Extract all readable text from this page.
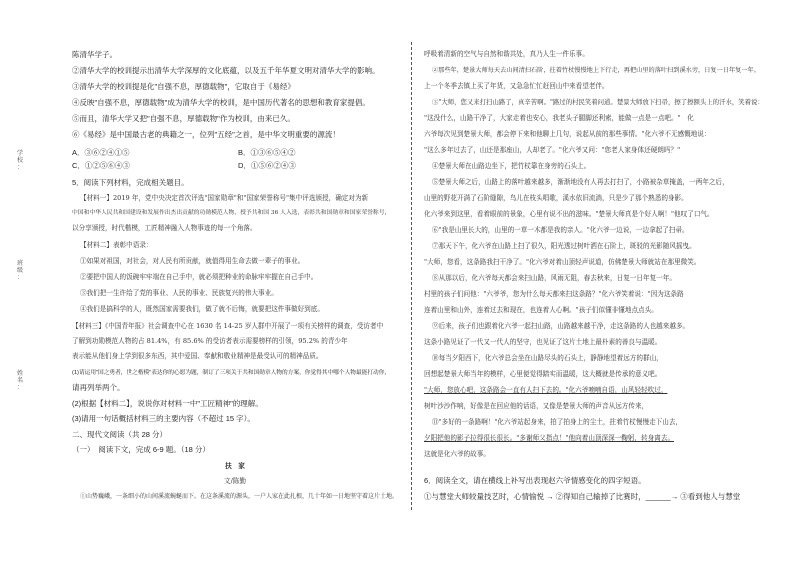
学
校
：
班
级
：
姓
名
：
陈清华学子。
②清华大学的校训提示出清华大学深厚的文化底蕴，以及五千年华夏文明对清华大学的影响。
③清华大学的校训提是化"自强不息，厚德载物"，它取自于《易经》
④反映"自强不息，厚德载物"成为清华大学的校训，是中国历代著名的思想和教育家提倡。
⑤而且，清华大学又把"自强不息，厚德载物"作为校训，由来已久。
⑥《易经》是中国最古老的典籍之一，位列"五经"之首，是中华文明重要的源流！
A．③⑥②④①⑤	B．①③⑥⑤④②
C．①②⑤⑥④③	D．①⑤⑥②④③
5．阅读下列材料，完成相关题目。
【材料一】2019 年，党中央决定首次评选"国家勋章"和"国家荣誉称号"集中评选颁授，确定对为新
中国和中华人民共和国建设和发展作出杰出贡献的功勋模范人物，授予共和国 36 人入选，表彰共和国勋章和国家荣誉称号，
以分享颁授，时代楷模，工匠精神融入人物事迹的每一个角落。
【材料二】表彰中语录：
①如果对祖国，对社会，对人民有所贡献，就值得用生命去做一辈子的事业。
②要把中国人的饭碗牢牢端在自己手中，就必须把种业的命脉牢牢握在自己手中。
③我们把一生许给了党的事业、人民的事业、民族复兴的伟大事业。
④我们是搞科学的人，既然国家需要我们，做了就不后悔，就要把这件事做好到底。
【材料三】《中国青年报》社会调查中心在 1630 名 14-25 岁人群中开展了一项有关榜样的调查，受访者中
了解到功勋模范人物的占 81.4%，有 85.6% 的受访者表示需要榜样的引领，95.2% 的青少年
表示能从他们身上学到很多东西，其中爱国、奉献和敬业精神是最受认可的精神品质。
(1)请运用"国之勇者，世之楷模"表达你的心愿为题，制订了三项关于共和国勋章人物的方案，你觉得其中哪个人物最能打动你，
请再列举两个。
(2)根据【材料二】，说说你对材料一中"工匠精神"的理解。
(3)请用一句话概括材料三的主要内容（不超过 15 字）。
二、现代文阅读（共 28 分）
（一）　阅读下文，完成 6-9 题。（18 分）
扶　家
文/陈勤
①山势巍峨，一条细小的山间溪流蜿蜒而下。在这条溪流的源头，一户人家在此扎根，几十年如一日地坚守着这片土地。
呼吸着清新的空气与自然和谐共处，真乃人生一件乐事。
②那些年，楚景大师每天去山间清扫石阶，拄着竹杖慢慢地上下行走，再把山里的落叶扫到溪水旁，日复一日年复一年。
上一个冬季去镇上买了年货，又急急忙忙赶回山中来看望老伴。
③"大师，您又来打扫山路了，真辛苦啊。"路过的村民笑着问道。楚景大师放下扫帚，擦了擦额头上的汗水，笑着说：
"这没什么，山路干净了，大家走着也安心，我老头子腿脚还利索，能做一点是一点吧。"　化
六爷每次见到楚景大师，都会停下来和他聊上几句，说起从前的那些事情。"化六爷不无感慨地说：
"这么多年过去了，山还是那座山，人却老了。"化六爷又问："您老人家身体还硬朗吗？"
④楚景大师在山路边坐下，把竹杖靠在身旁的石头上。
⑤楚景大师之后，山路上的落叶越来越多，渐渐地没有人再去打扫了，小路被杂草掩盖，一两年之后，
山里的野花开满了石阶缝隙，鸟儿在枝头唱歌，溪水依旧流淌，只是少了那个熟悉的身影。
化六爷来到这里，看着眼前的景象，心里有说不出的滋味。"楚景大师真是个好人啊！"他叹了口气。
⑥"我是山里长大的，山里的一草一木都是我的亲人。"化六爷一边说，一边拿起了扫帚。
⑦那天下午，化六爷在山路上扫了很久，阳光透过树叶洒在石阶上，斑驳的光影随风摇曳。
"大师，您看，这条路我扫干净了。"化六爷对着山顶轻声说道，仿佛楚景大师就站在那里微笑。
⑧从那以后，化六爷每天都会来扫山路，风雨无阻，春去秋来，日复一日年复一年。
村里的孩子们问他："六爷爷，您为什么每天都来扫这条路？"化六爷笑着说："因为这条路
连着山里和山外，连着过去和现在，也连着人心啊。"孩子们似懂非懂地点点头。
⑨后来，孩子们也跟着化六爷一起扫山路，山路越来越干净，走这条路的人也越来越多。
这条小路见证了一代又一代人的坚守，也见证了这片土地上最朴素的善良与温暖。
⑩每当夕阳西下，化六爷总会坐在山路尽头的石头上，静静地望着远方的群山，
回想起楚景大师当年的模样，心里便觉得踏实而温暖，这大概就是传承的意义吧。
"大师，您放心吧，这条路会一直有人扫下去的。"化六爷喃喃自语，山风轻轻吹过，
树叶沙沙作响，好像是在回应他的话语，又像是楚景大师的声音从远方传来，
⑪"多好的一条路啊！"化六爷站起身来，拍了拍身上的尘土，拄着竹杖慢慢走下山去，
夕阳把他的影子拉得很长很长。"多谢师父指点！"他向着山顶深深一鞠躬，转身离去。
这就是化六爷的故事。
6．阅读全文，请在横线上补写出表现赵六爷情感变化的四字短语。
①与慧堂大师较量技艺时，心情愉悦 → ②得知自己输掉了比赛时，______→ ③看到他人与慧堂
